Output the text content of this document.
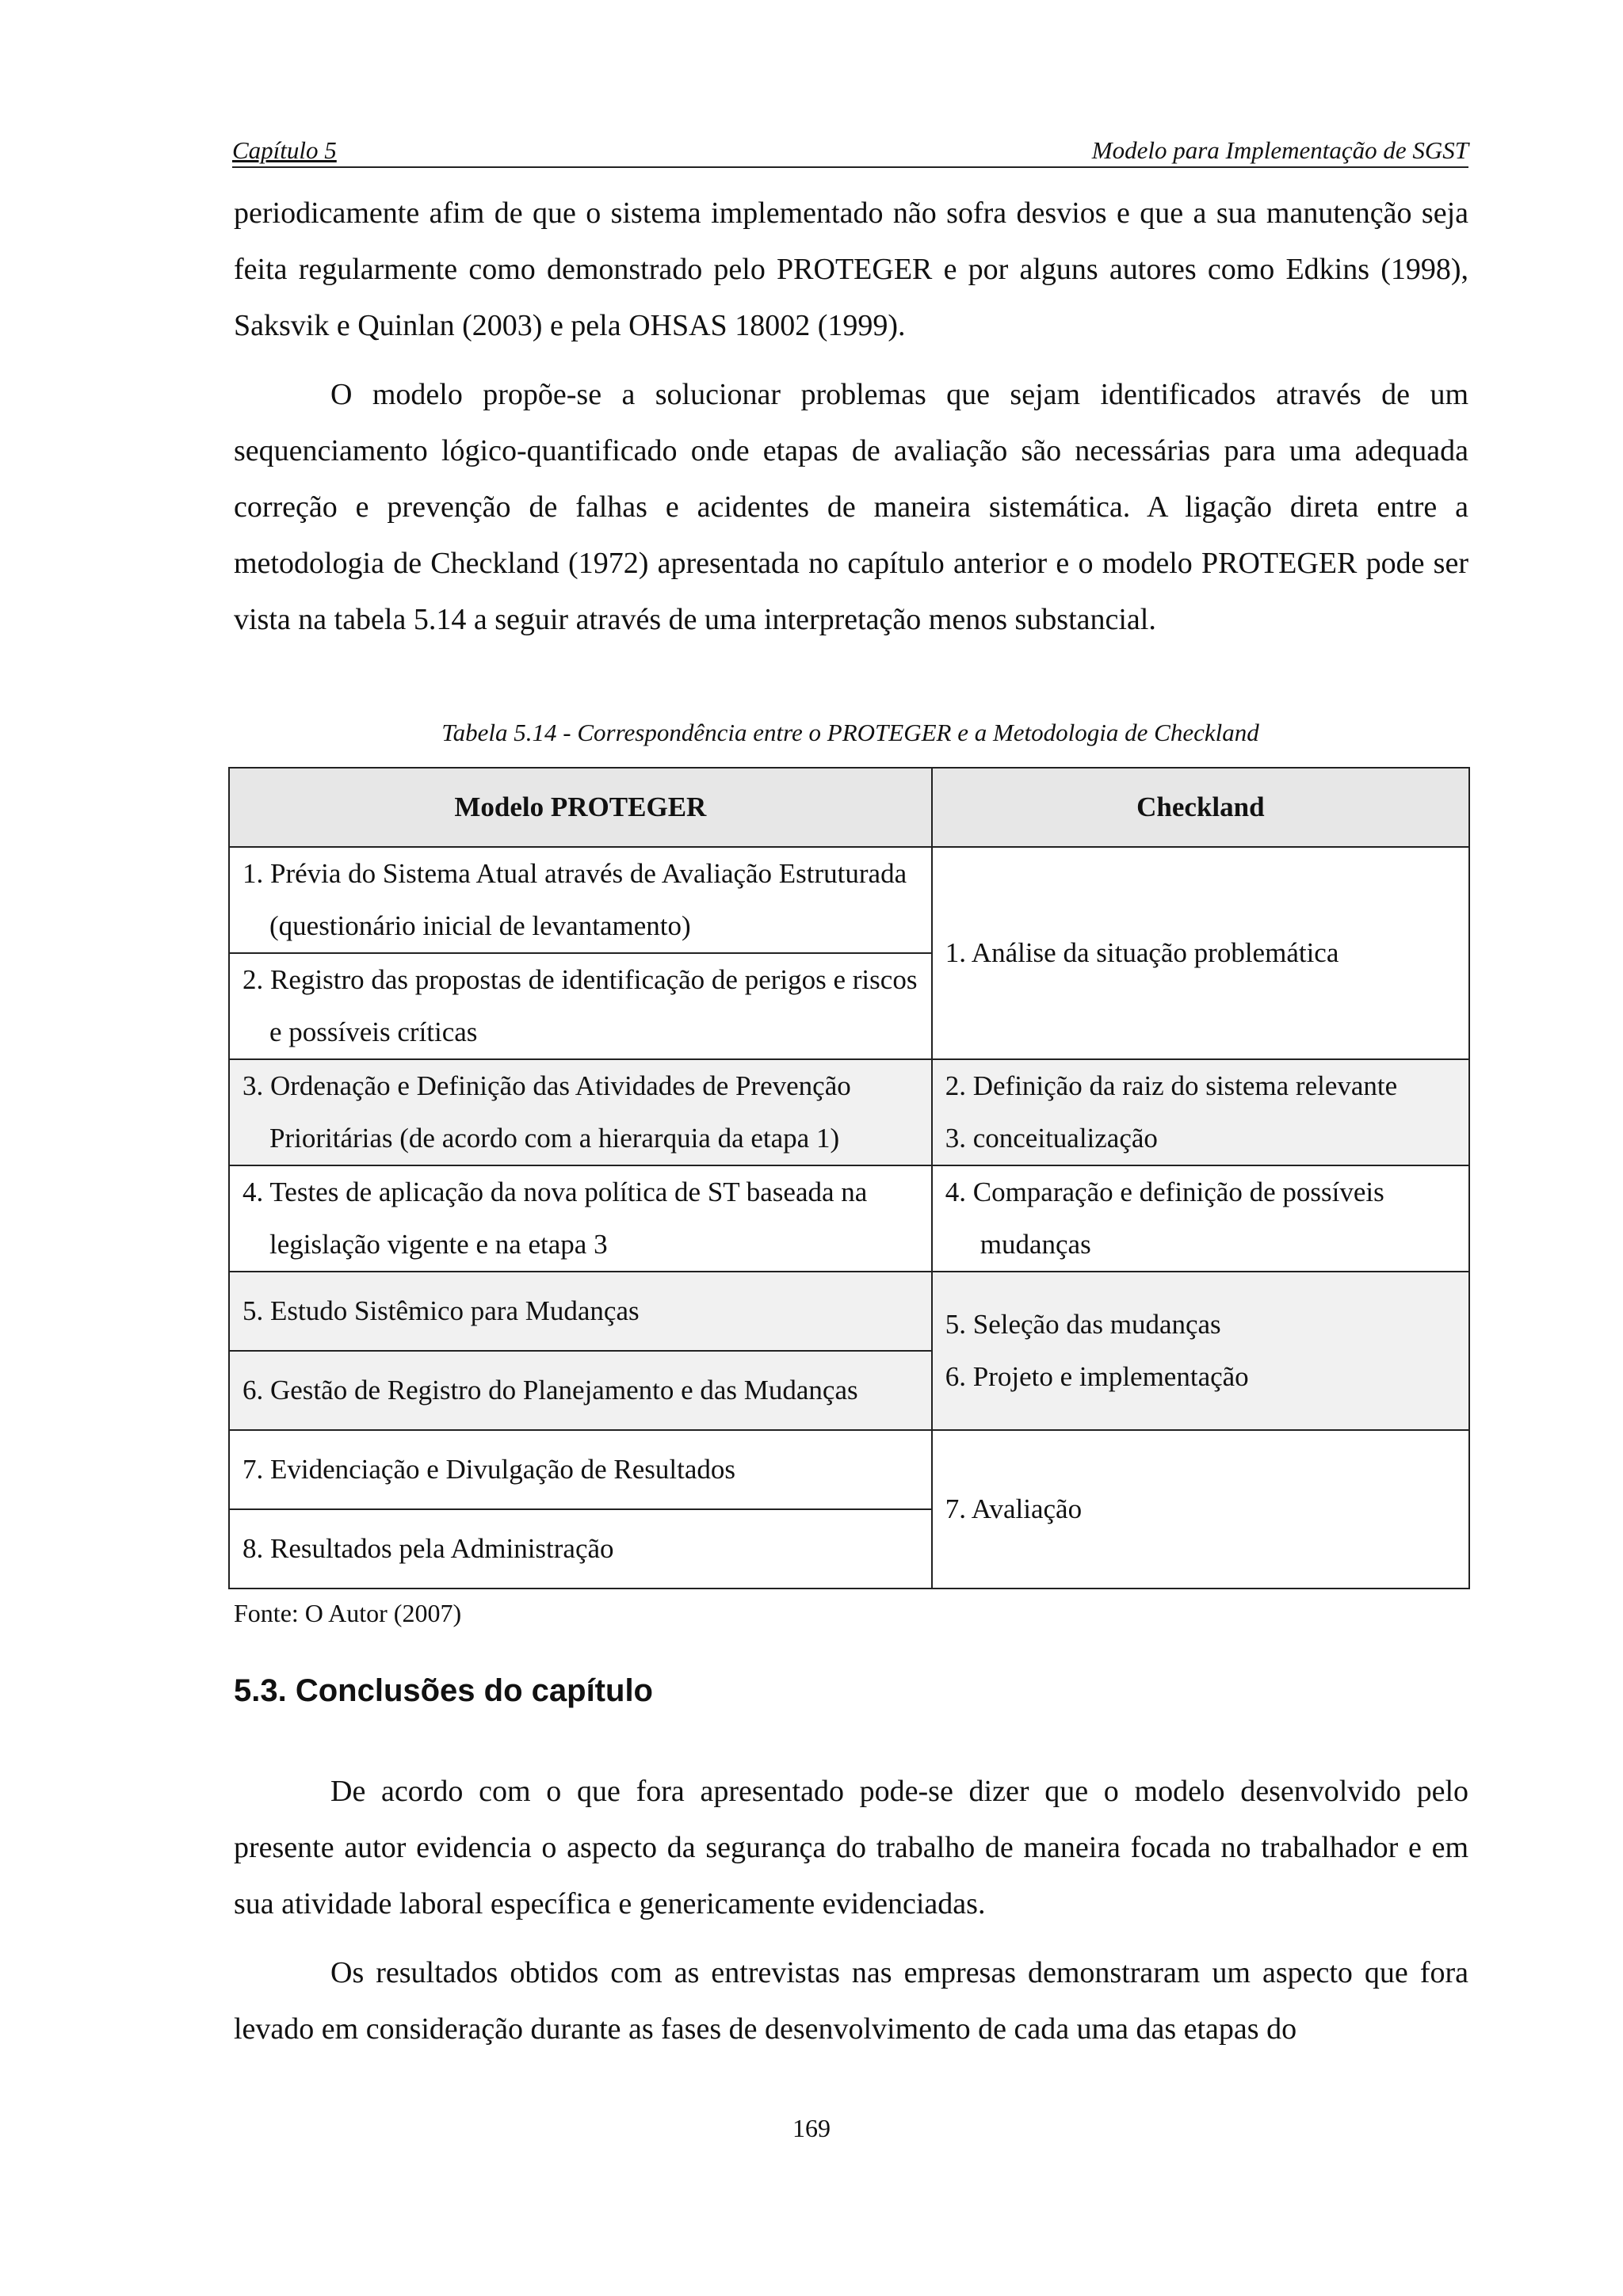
Capítulo 5	Modelo para Implementação de SGST

periodicamente afim de que o sistema implementado não sofra desvios e que a sua manutenção seja feita regularmente como demonstrado pelo PROTEGER e por alguns autores como Edkins (1998), Saksvik e Quinlan (2003) e pela OHSAS 18002 (1999).

O modelo propõe-se a solucionar problemas que sejam identificados através de um sequenciamento lógico-quantificado onde etapas de avaliação são necessárias para uma adequada correção e prevenção de falhas e acidentes de maneira sistemática. A ligação direta entre a metodologia de Checkland (1972) apresentada no capítulo anterior e o modelo PROTEGER pode ser vista na tabela 5.14 a seguir através de uma interpretação menos substancial.

Tabela 5.14 - Correspondência entre o PROTEGER e a Metodologia de Checkland
Modelo PROTEGER	Checkland

1. Prévia do Sistema Atual através de Avaliação Estruturada (questionário inicial de levantamento)	1. Análise da situação problemática

2. Registro das propostas de identificação de perigos e riscos e possíveis críticas	

3. Ordenação e Definição das Atividades de Prevenção Prioritárias (de acordo com a hierarquia da etapa 1)	2. Definição da raiz do sistema relevante
3. conceitualização

4. Testes de aplicação da nova política de ST baseada na legislação vigente e na etapa 3	4. Comparação e definição de possíveis mudanças

5. Estudo Sistêmico para Mudanças	5. Seleção das mudanças
6. Projeto e implementação

6. Gestão de Registro do Planejamento e das Mudanças	

7. Evidenciação e Divulgação de Resultados	7. Avaliação

8. Resultados pela Administração	
Fonte: O Autor (2007)
5.3. Conclusões do capítulo

De acordo com o que fora apresentado pode-se dizer que o modelo desenvolvido pelo presente autor evidencia o aspecto da segurança do trabalho de maneira focada no trabalhador e em sua atividade laboral específica e genericamente evidenciadas.

Os resultados obtidos com as entrevistas nas empresas demonstraram um aspecto que fora levado em consideração durante as fases de desenvolvimento de cada uma das etapas do

169
